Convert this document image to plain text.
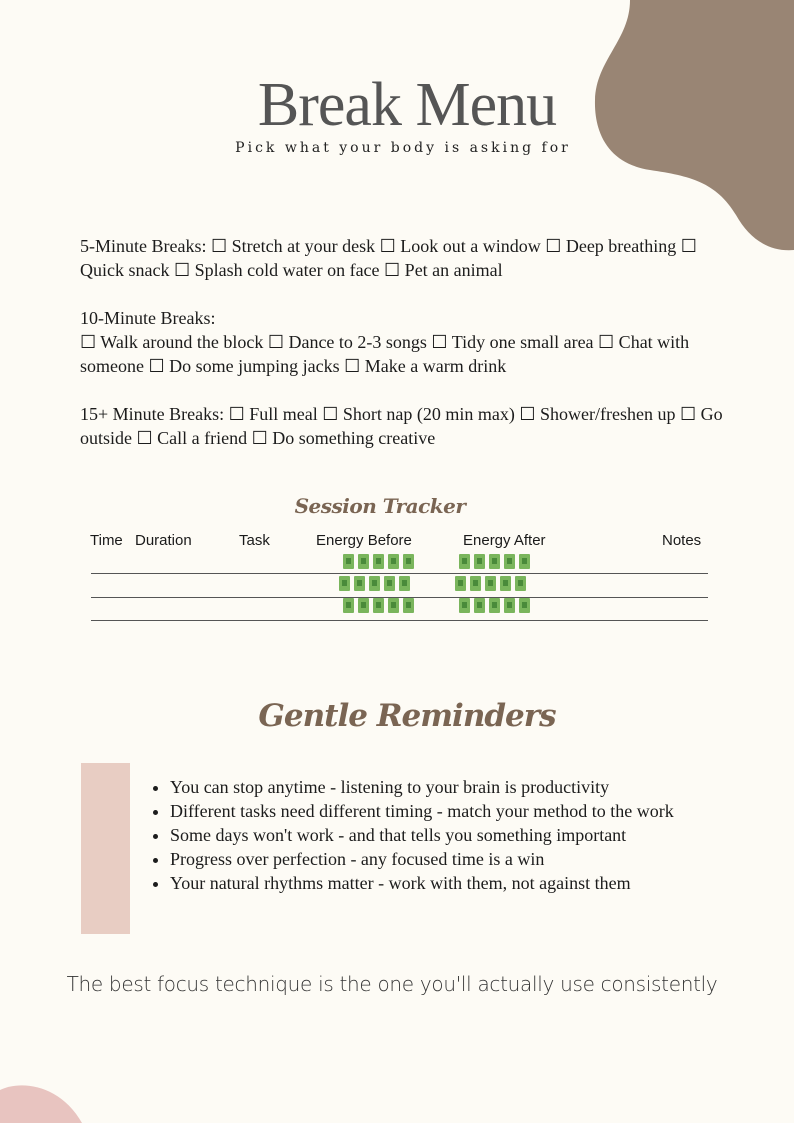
Break Menu
Pick what your body is asking for

5-Minute Breaks: ☐ Stretch at your desk ☐ Look out a window ☐ Deep breathing ☐ Quick snack ☐ Splash cold water on face ☐ Pet an animal

10-Minute Breaks:
☐ Walk around the block ☐ Dance to 2-3 songs ☐ Tidy one small area ☐ Chat with someone ☐ Do some jumping jacks ☐ Make a warm drink

15+ Minute Breaks: ☐ Full meal ☐ Short nap (20 min max) ☐ Shower/freshen up ☐ Go outside ☐ Call a friend ☐ Do something creative

Session Tracker
Time Duration	Task	Energy Before	Energy After	Notes
Gentle Reminders
• You can stop anytime - listening to your brain is productivity
• Different tasks need different timing - match your method to the work
• Some days won't work - and that tells you something important
• Progress over perfection - any focused time is a win
• Your natural rhythms matter - work with them, not against them
The best focus technique is the one you'll actually use consistently
